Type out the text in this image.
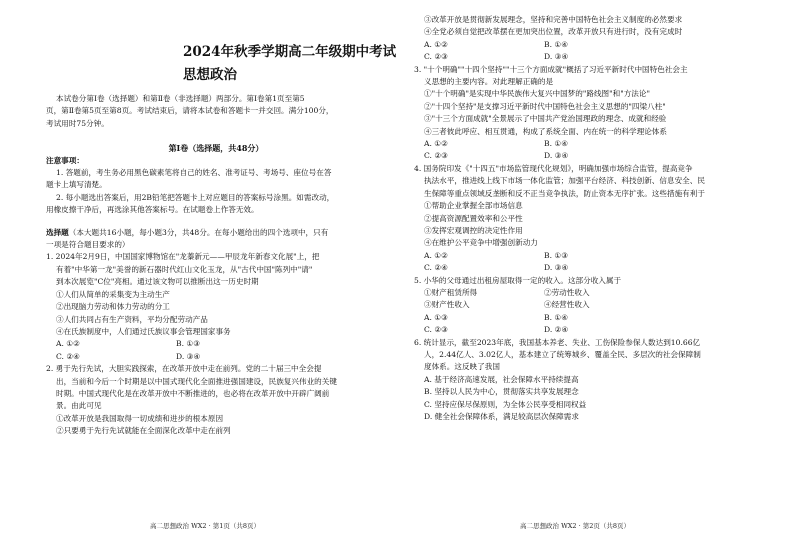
2024年秋季学期高二年级期中考试
思想政治
本试卷分第Ⅰ卷（选择题）和第Ⅱ卷（非选择题）两部分。第Ⅰ卷第1页至第5
页，第Ⅱ卷第5页至第8页。考试结束后，请将本试卷和答题卡一并交回。满分100分，
考试用时75分钟。
第Ⅰ卷（选择题，共48分）
注意事项：
1. 答题前，考生务必用黑色碳素笔将自己的姓名、准考证号、考场号、座位号在答
题卡上填写清楚。
2. 每小题选出答案后，用2B铅笔把答题卡上对应题目的答案标号涂黑。如需改动，
用橡皮擦干净后，再选涂其他答案标号。在试题卷上作答无效。
选择题（本大题共16小题，每小题3分，共48分。在每小题给出的四个选项中，只有
一项是符合题目要求的）
1. 2024年2月9日，中国国家博物馆在"龙蓁新元——甲辰龙年新春文化展"上，把
有着"中华第一龙"美誉的新石器时代红山文化玉龙，从"古代中国"陈列中"请"
到本次展览"C位"亮相。通过该文物可以推断出这一历史时期
①人们从简单的采集变为主动生产
②出现脑力劳动和体力劳动的分工
③人们共同占有生产资料，平均分配劳动产品
④在氏族制度中，人们通过氏族议事会管理国家事务
A. ①②	B. ①③
C. ②④	D. ③④
2. 勇于先行先试，大胆实践探索，在改革开放中走在前列。党的二十届三中全会提
出，当前和今后一个时期是以中国式现代化全面推进强国建设，民族复兴伟业的关键
时期。中国式现代化是在改革开放中不断推进的，也必将在改革开放中开辟广阔前
景。由此可见
①改革开放是我国取得一切成绩和进步的根本原因
②只要勇于先行先试就能在全面深化改革中走在前列
高二思想政治 WX2 · 第1页（共8页）
③改革开放是贯彻新发展理念，坚持和完善中国特色社会主义制度的必然要求
④全党必须自觉把改革摆在更加突出位置，改革开放只有进行时，没有完成时
A. ①②	B. ①④
C. ②③	D. ③④
3. "十个明确""十四个坚持""十三个方面成就"概括了习近平新时代中国特色社会主
义思想的主要内容。对此理解正确的是
①"十个明确"是实现中华民族伟大复兴中国梦的"路线图"和"方法论"
②"十四个坚持"是支撑习近平新时代中国特色社会主义思想的"四梁八柱"
③"十三个方面成就"全景展示了中国共产党治国理政的理念、成就和经验
④三者彼此呼应、相互贯通，构成了系统全面、内在统一的科学理论体系
A. ①②	B. ①④
C. ②③	D. ③④
4. 国务院印发《"十四五"市场监管现代化规划》，明确加强市场综合监管，提高竞争
执法水平，推进线上线下市场一体化监管；加强平台经济、科技创新、信息安全、民
生保障等重点领域反垄断和反不正当竞争执法，防止资本无序扩张。这些措施有利于
①帮助企业掌握全部市场信息
②提高资源配置效率和公平性
③发挥宏观调控的决定性作用
④在维护公平竞争中增强创新动力
A. ①②	B. ①③
C. ②④	D. ③④
5. 小华的父母通过出租房屋取得一定的收入。这部分收入属于
①财产租赁所得	②劳动性收入
③财产性收入	④经营性收入
A. ①③	B. ①④
C. ②③	D. ②④
6. 统计显示，截至2023年底，我国基本养老、失业、工伤保险参保人数达到10.66亿
人，2.44亿人、3.02亿人，基本建立了统筹城乡、覆盖全民、多层次的社会保障制
度体系。这反映了我国
A. 基于经济高速发展，社会保障水平持续提高
B. 坚持以人民为中心，贯彻落实共享发展理念
C. 坚持应保尽保原则，为全体公民享受相同权益
D. 健全社会保障体系，满足较高层次保障需求
高二思想政治 WX2 · 第2页（共8页）
